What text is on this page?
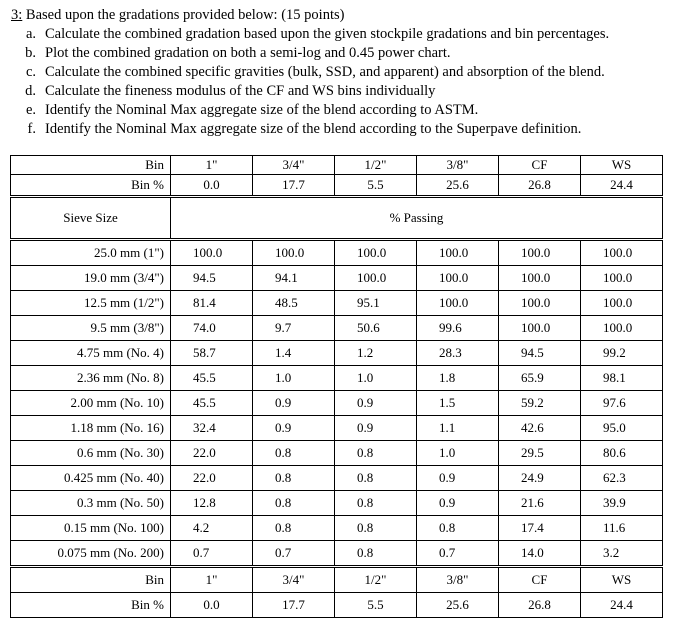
3: Based upon the gradations provided below: (15 points)
a. Calculate the combined gradation based upon the given stockpile gradations and bin percentages.
b. Plot the combined gradation on both a semi-log and 0.45 power chart.
c. Calculate the combined specific gravities (bulk, SSD, and apparent) and absorption of the blend.
d. Calculate the fineness modulus of the CF and WS bins individually
e. Identify the Nominal Max aggregate size of the blend according to ASTM.
f. Identify the Nominal Max aggregate size of the blend according to the Superpave definition.
Bin	1"	3/4"	1/2"	3/8"	CF	WS
Bin %	0.0	17.7	5.5	25.6	26.8	24.4
Sieve Size	% Passing					
25.0 mm (1")	100.0	100.0	100.0	100.0	100.0	100.0
19.0 mm (3/4")	94.5	94.1	100.0	100.0	100.0	100.0
12.5 mm (1/2")	81.4	48.5	95.1	100.0	100.0	100.0
9.5 mm (3/8")	74.0	9.7	50.6	99.6	100.0	100.0
4.75 mm (No. 4)	58.7	1.4	1.2	28.3	94.5	99.2
2.36 mm (No. 8)	45.5	1.0	1.0	1.8	65.9	98.1
2.00 mm (No. 10)	45.5	0.9	0.9	1.5	59.2	97.6
1.18 mm (No. 16)	32.4	0.9	0.9	1.1	42.6	95.0
0.6 mm (No. 30)	22.0	0.8	0.8	1.0	29.5	80.6
0.425 mm (No. 40)	22.0	0.8	0.8	0.9	24.9	62.3
0.3 mm (No. 50)	12.8	0.8	0.8	0.9	21.6	39.9
0.15 mm (No. 100)	4.2	0.8	0.8	0.8	17.4	11.6
0.075 mm (No. 200)	0.7	0.7	0.8	0.7	14.0	3.2
Bin	1"	3/4"	1/2"	3/8"	CF	WS
Bin %	0.0	17.7	5.5	25.6	26.8	24.4
